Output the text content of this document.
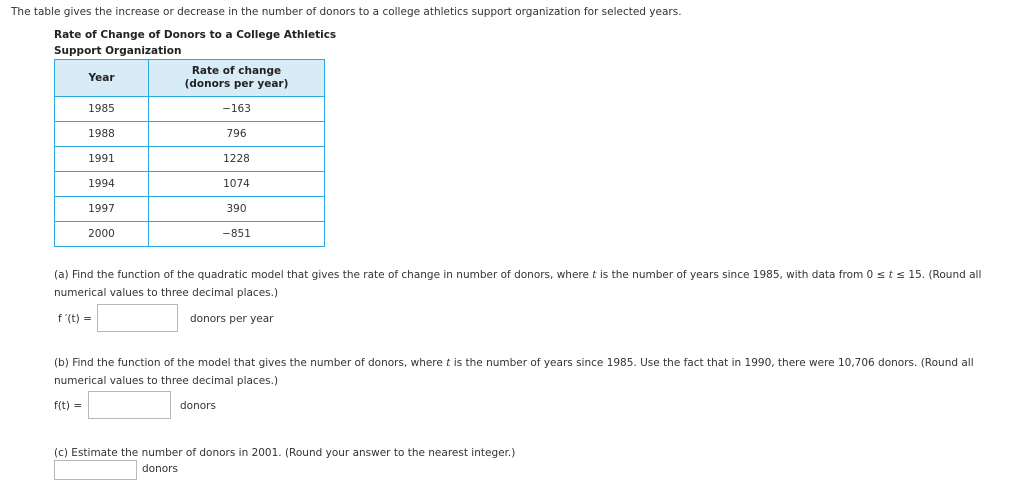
The table gives the increase or decrease in the number of donors to a college athletics support organization for selected years.
Rate of Change of Donors to a College Athletics
Support Organization
Year	Rate of change
(donors per year)

1985	−163
1988	796
1991	1228
1994	1074
1997	390
2000	−851
(a) Find the function of the quadratic model that gives the rate of change in number of donors, where t is the number of years since 1985, with data from 0 ≤ t ≤ 15. (Round all
numerical values to three decimal places.)
f ′(t) =	donors per year
(b) Find the function of the model that gives the number of donors, where t is the number of years since 1985. Use the fact that in 1990, there were 10,706 donors. (Round all
numerical values to three decimal places.)
f(t) =	donors
(c) Estimate the number of donors in 2001. (Round your answer to the nearest integer.)
donors
